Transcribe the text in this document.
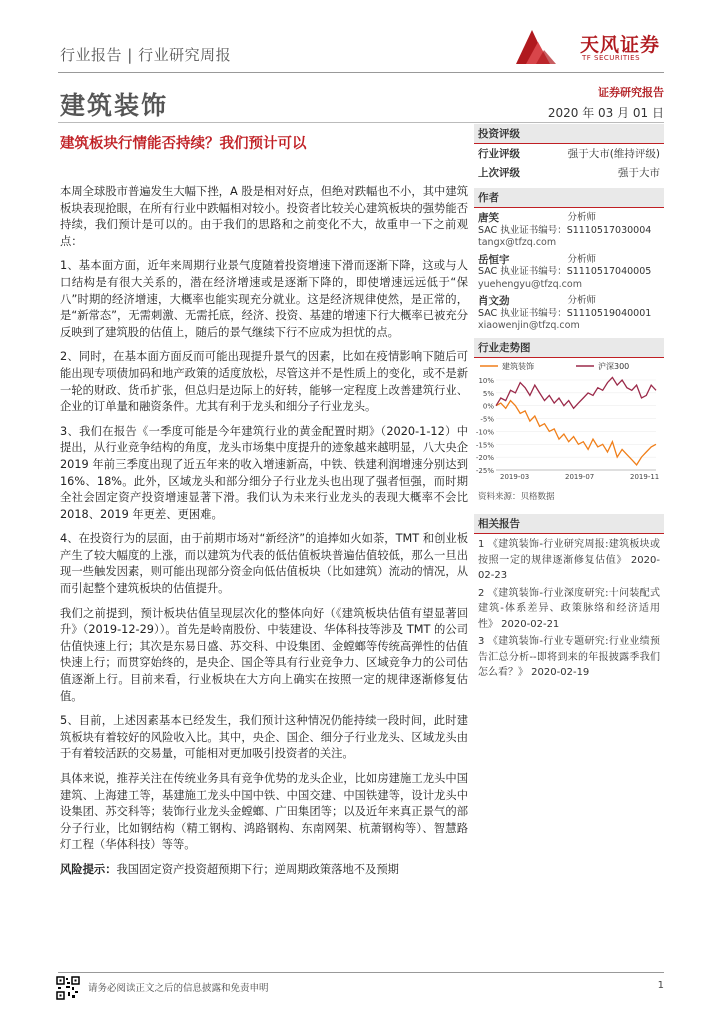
行业报告 | 行业研究周报	天风证券
TF SECURITIES
建筑装饰	证券研究报告
2020 年 03 月 01 日
建筑板块行情能否持续？我们预计可以

本周全球股市普遍发生大幅下挫，A 股是相对好点，但绝对跌幅也不小，其中建筑板块表现抢眼，在所有行业中跌幅相对较小。投资者比较关心建筑板块的强势能否持续，我们预计是可以的。由于我们的思路和之前变化不大，故重申一下之前观点：

1、基本面方面，近年来周期行业景气度随着投资增速下滑而逐渐下降，这或与人口结构是有很大关系的，潜在经济增速或是逐渐下降的，即使增速远远低于“保八”时期的经济增速，大概率也能实现充分就业。这是经济规律使然，是正常的，是“新常态”，无需刺激、无需托底，经济、投资、基建的增速下行大概率已被充分反映到了建筑股的估值上，随后的景气继续下行不应成为担忧的点。

2、同时，在基本面方面反而可能出现提升景气的因素，比如在疫情影响下随后可能出现专项债加码和地产政策的适度放松，尽管这并不是性质上的变化，或不是新一轮的财政、货币扩张，但总归是边际上的好转，能够一定程度上改善建筑行业、企业的订单量和融资条件。尤其有利于龙头和细分子行业龙头。

3、我们在报告《一季度可能是今年建筑行业的黄金配置时期》（2020-1-12）中提出，从行业竞争结构的角度，龙头市场集中度提升的迹象越来越明显，八大央企 2019 年前三季度出现了近五年来的收入增速新高，中铁、铁建利润增速分别达到 16%、18%。此外，区域龙头和部分细分子行业龙头也出现了强者恒强，而时期全社会固定资产投资增速显著下滑。我们认为未来行业龙头的表现大概率不会比 2018、2019 年更差、更困难。

4、在投资行为的层面，由于前期市场对“新经济”的追捧如火如荼，TMT 和创业板产生了较大幅度的上涨，而以建筑为代表的低估值板块普遍估值较低，那么一旦出现一些触发因素，则可能出现部分资金向低估值板块（比如建筑）流动的情况，从而引起整个建筑板块的估值提升。

我们之前提到，预计板块估值呈现层次化的整体向好（《建筑板块估值有望显著回升》（2019-12-29））。首先是岭南股份、中装建设、华体科技等涉及 TMT 的公司估值快速上行；其次是东易日盛、苏交科、中设集团、金螳螂等传统高弹性的估值快速上行；而贯穿始终的，是央企、国企等具有行业竞争力、区域竞争力的公司估值逐渐上行。目前来看，行业板块在大方向上确实在按照一定的规律逐渐修复估值。

5、目前，上述因素基本已经发生，我们预计这种情况仍能持续一段时间，此时建筑板块有着较好的风险收入比。其中，央企、国企、细分子行业龙头、区域龙头由于有着较活跃的交易量，可能相对更加吸引投资者的关注。

具体来说，推荐关注在传统业务具有竞争优势的龙头企业，比如房建施工龙头中国建筑、上海建工等，基建施工龙头中国中铁、中国交建、中国铁建等，设计龙头中设集团、苏交科等；装饰行业龙头金螳螂、广田集团等；以及近年来真正景气的部分子行业，比如钢结构（精工钢构、鸿路钢构、东南网架、杭萧钢构等）、智慧路灯工程（华体科技）等等。

风险提示：我国固定资产投资超预期下行；逆周期政策落地不及预期

投资评级
行业评级	强于大市(维持评级)
上次评级	强于大市
作者
唐笑	分析师
SAC 执业证书编号：S1110517030004
tangx@tfzq.com
岳恒宇	分析师
SAC 执业证书编号：S1110517040005
yuehengyu@tfzq.com
肖文劲	分析师
SAC 执业证书编号：S1110519040001
xiaowenjin@tfzq.com
行业走势图
建筑装饰	沪深300
10%
5%
0%
-5%
-10%
-15%
-20%
-25%
2019-03	2019-07	2019-11
资料来源：贝格数据
相关报告
1 《建筑装饰-行业研究周报:建筑板块或按照一定的规律逐渐修复估值》 2020-02-23
2 《建筑装饰-行业深度研究:十问装配式建筑-体系差异、政策脉络和经济适用性》 2020-02-21
3 《建筑装饰-行业专题研究:行业业绩预告汇总分析--即将到来的年报披露季我们怎么看？》 2020-02-19
请务必阅读正文之后的信息披露和免责申明	1
